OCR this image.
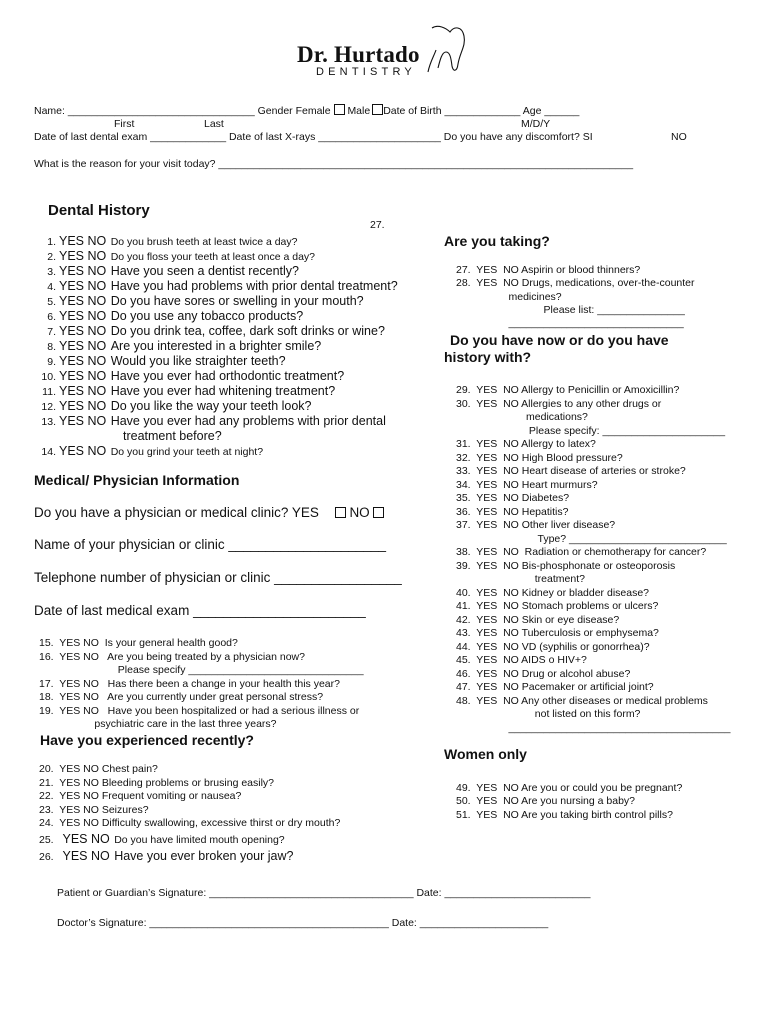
Dr. Hurtado
DENTISTRY
Name: ________________________________ Gender Female Male Date of Birth _____________ Age ______
First	Last	M/D/Y
Date of last dental exam _____________ Date of last X-rays _____________________ Do you have any discomfort? SI	NO
What is the reason for your visit today? _______________________________________________________________________
Dental History
27.
1. YES NO Do you brush teeth at least twice a day?
2. YES NO Do you floss your teeth at least once a day?
3. YES NO Have you seen a dentist recently?
4. YES NO Have you had problems with prior dental treatment?
5. YES NO Do you have sores or swelling in your mouth?
6. YES NO Do you use any tobacco products?
7. YES NO Do you drink tea, coffee, dark soft drinks or wine?
8. YES NO Are you interested in a brighter smile?
9. YES NO Would you like straighter teeth?
10. YES NO Have you ever had orthodontic treatment?
11. YES NO Have you ever had whitening treatment?
12. YES NO Do you like the way your teeth look?
13. YES NO Have you ever had any problems with prior dental
treatment before?
14. YES NO Do you grind your teeth at night?
Medical/ Physician Information
Do you have a physician or medical clinic? YES NO
Name of your physician or clinic _____________________
Telephone number of physician or clinic _________________
Date of last medical exam _______________________
15.  YES NO  Is your general health good?
16.  YES NO   Are you being treated by a physician now?
Please specify ______________________________
17.  YES NO   Has there been a change in your health this year?
18.  YES NO   Are you currently under great personal stress?
19.  YES NO   Have you been hospitalized or had a serious illness or
psychiatric care in the last three years?
Have you experienced recently?
20.  YES NO Chest pain?
21.  YES NO Bleeding problems or brusing easily?
22.  YES NO Frequent vomiting or nausea?
23.  YES NO Seizures?
24.  YES NO Difficulty swallowing, excessive thirst or dry mouth?
25. YES NO Do you have limited mouth opening?
26. YES NO Have you ever broken your jaw?
Are you taking?
27.  YES  NO Aspirin or blood thinners?
28.  YES  NO Drugs, medications, over-the-counter
medicines?
Please list: _______________
______________________________
Do you have now or do you have
history with?
29.  YES  NO Allergy to Penicillin or Amoxicillin?
30.  YES  NO Allergies to any other drugs or
medications?
Please specify: _____________________
31.  YES  NO Allergy to latex?
32.  YES  NO High Blood pressure?
33.  YES  NO Heart disease of arteries or stroke?
34.  YES  NO Heart murmurs?
35.  YES  NO Diabetes?
36.  YES  NO Hepatitis?
37.  YES  NO Other liver disease?
Type? ___________________________
38.  YES  NO  Radiation or chemotherapy for cancer?
39.  YES  NO Bis-phosphonate or osteoporosis
treatment?
40.  YES  NO Kidney or bladder disease?
41.  YES  NO Stomach problems or ulcers?
42.  YES  NO Skin or eye disease?
43.  YES  NO Tuberculosis or emphysema?
44.  YES  NO VD (syphilis or gonorrhea)?
45.  YES  NO AIDS o HIV+?
46.  YES  NO Drug or alcohol abuse?
47.  YES  NO Pacemaker or artificial joint?
48.  YES  NO Any other diseases or medical problems
not listed on this form?
______________________________________
Women only
49.  YES  NO Are you or could you be pregnant?
50.  YES  NO Are you nursing a baby?
51.  YES  NO Are you taking birth control pills?
Patient or Guardian’s Signature: ___________________________________ Date: _________________________
Doctor’s Signature: _________________________________________ Date: ______________________
